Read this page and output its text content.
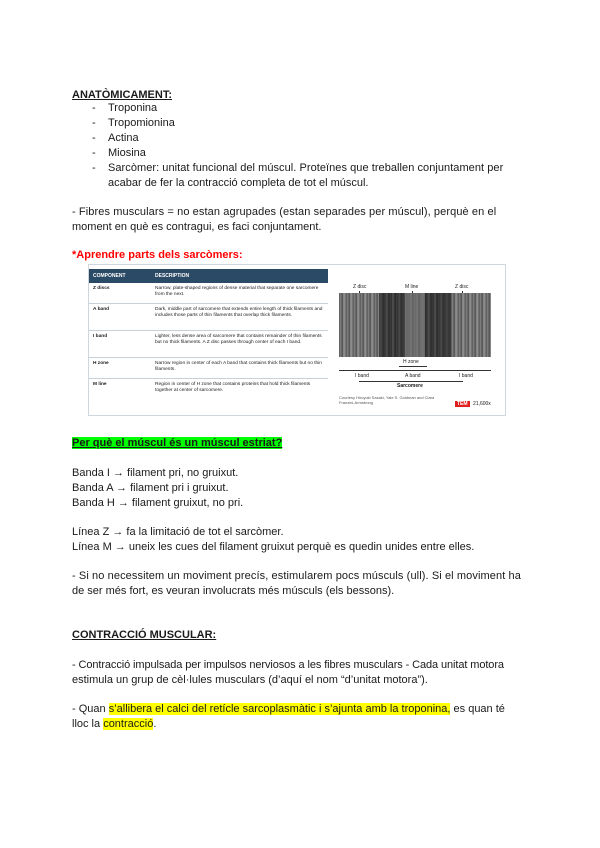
ANATÒMICAMENT:
- Troponina
- Tropomionina
- Actina
- Miosina
- Sarcòmer: unitat funcional del múscul. Proteïnes que treballen conjuntament per
acabar de fer la contracció completa de tot el múscul.
- Fibres musculars = no estan agrupades (estan separades per múscul), perquè en el
moment en què es contragui, es faci conjuntament.
*Aprendre parts dels sarcòmers:
COMPONENT	DESCRIPTION
Z discs	Narrow, plate-shaped regions of dense material that separate one sarcomere from the next.
A band	Dark, middle part of sarcomere that extends entire length of thick filaments and includes those parts of thin filaments that overlap thick filaments.
I band	Lighter, less dense area of sarcomere that contains remainder of thin filaments but no thick filaments. A Z disc passes through center of each I band.
H zone	Narrow region in center of each A band that contains thick filaments but no thin filaments.
M line	Region in center of H zone that contains proteins that hold thick filaments together at center of sarcomere.
Z disc	M line	Z disc
H zone
I band	A band	I band
Sarcomere
Courtesy Hiroyuki Sasaki, Yale S. Goldman and Clara Franzini-Armstrong	TEM	21,600x
Per què el múscul és un múscul estriat?
Banda I → filament pri, no gruixut.
Banda A → filament pri i gruixut.
Banda H → filament gruixut, no pri.
Línea Z → fa la limitació de tot el sarcòmer.
Línea M → uneix les cues del filament gruixut perquè es quedin unides entre elles.
- Si no necessitem un moviment precís, estimularem pocs músculs (ull). Si el moviment ha
de ser més fort, es veuran involucrats més músculs (els bessons).
CONTRACCIÓ MUSCULAR:
- Contracció impulsada per impulsos nerviosos a les fibres musculars - Cada unitat motora
estimula un grup de cèl·lules musculars (d’aquí el nom “d’unitat motora”).
- Quan s’allibera el calci del retícle sarcoplasmàtic i s’ajunta amb la troponina, es quan té
lloc la contracció.
